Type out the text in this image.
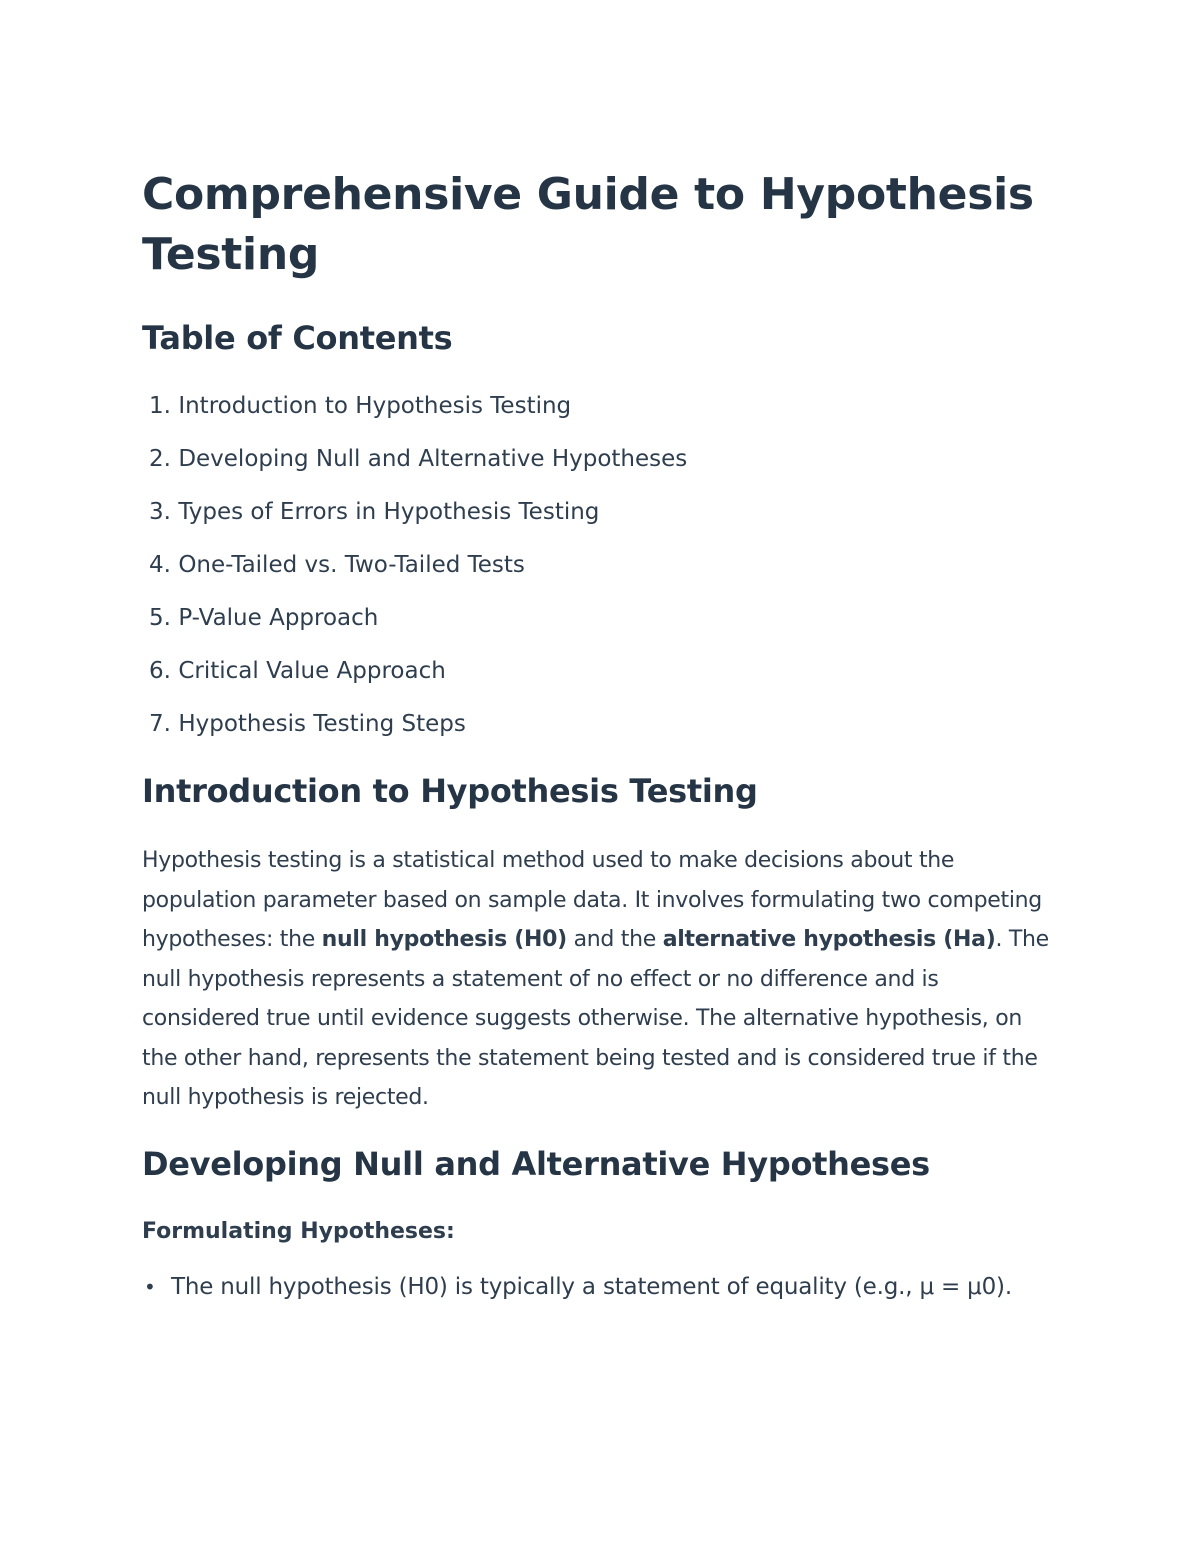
Comprehensive Guide to Hypothesis Testing
Table of Contents
1. Introduction to Hypothesis Testing
2. Developing Null and Alternative Hypotheses
3. Types of Errors in Hypothesis Testing
4. One-Tailed vs. Two-Tailed Tests
5. P-Value Approach
6. Critical Value Approach
7. Hypothesis Testing Steps
Introduction to Hypothesis Testing

Hypothesis testing is a statistical method used to make decisions about the population parameter based on sample data. It involves formulating two competing hypotheses: the null hypothesis (H0) and the alternative hypothesis (Ha). The null hypothesis represents a statement of no effect or no difference and is considered true until evidence suggests otherwise. The alternative hypothesis, on the other hand, represents the statement being tested and is considered true if the null hypothesis is rejected.

Developing Null and Alternative Hypotheses
Formulating Hypotheses:
• The null hypothesis (H0) is typically a statement of equality (e.g., μ = μ0).
